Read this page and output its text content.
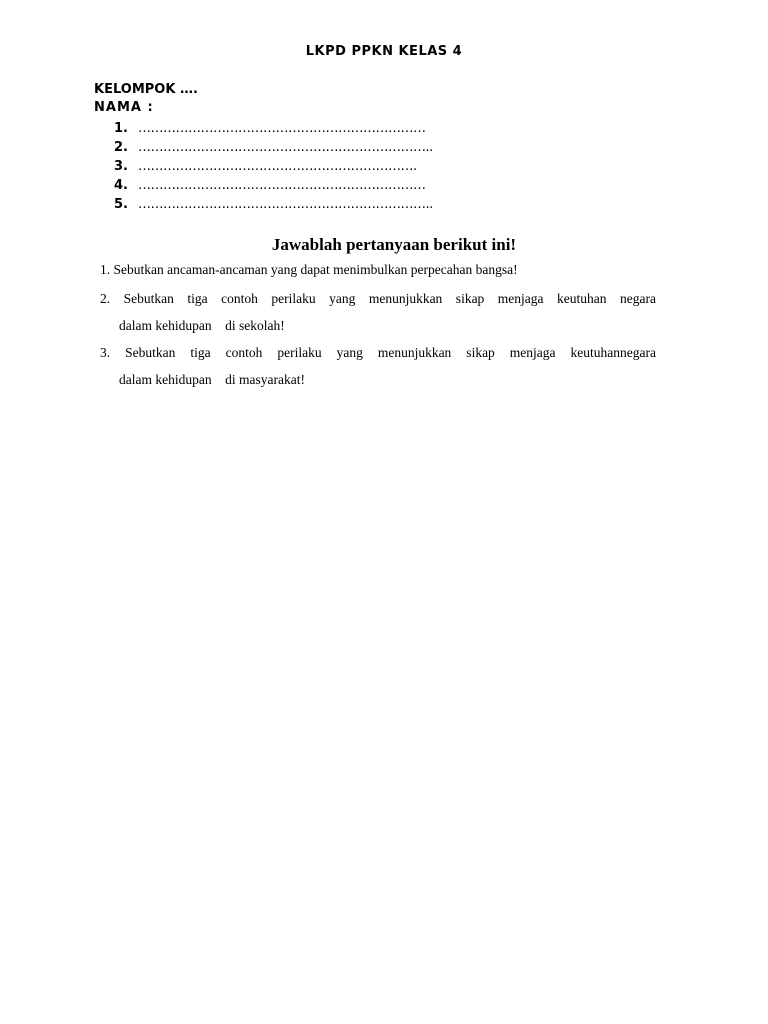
LKPD PPKN KELAS 4
KELOMPOK ….
NAMA :
1. ……………………………………………………………
2. ……………………………………………………………..
3. ………………………………………………………….
4. ……………………………………………………………
5. ……………………………………………………………..
Jawablah pertanyaan berikut ini!
1. Sebutkan ancaman-ancaman yang dapat menimbulkan perpecahan bangsa!
2. Sebutkan tiga contoh perilaku yang menunjukkan sikap menjaga keutuhan negara
dalam kehidupan    di sekolah!
3. Sebutkan tiga contoh perilaku yang menunjukkan sikap menjaga keutuhannegara
dalam kehidupan    di masyarakat!
